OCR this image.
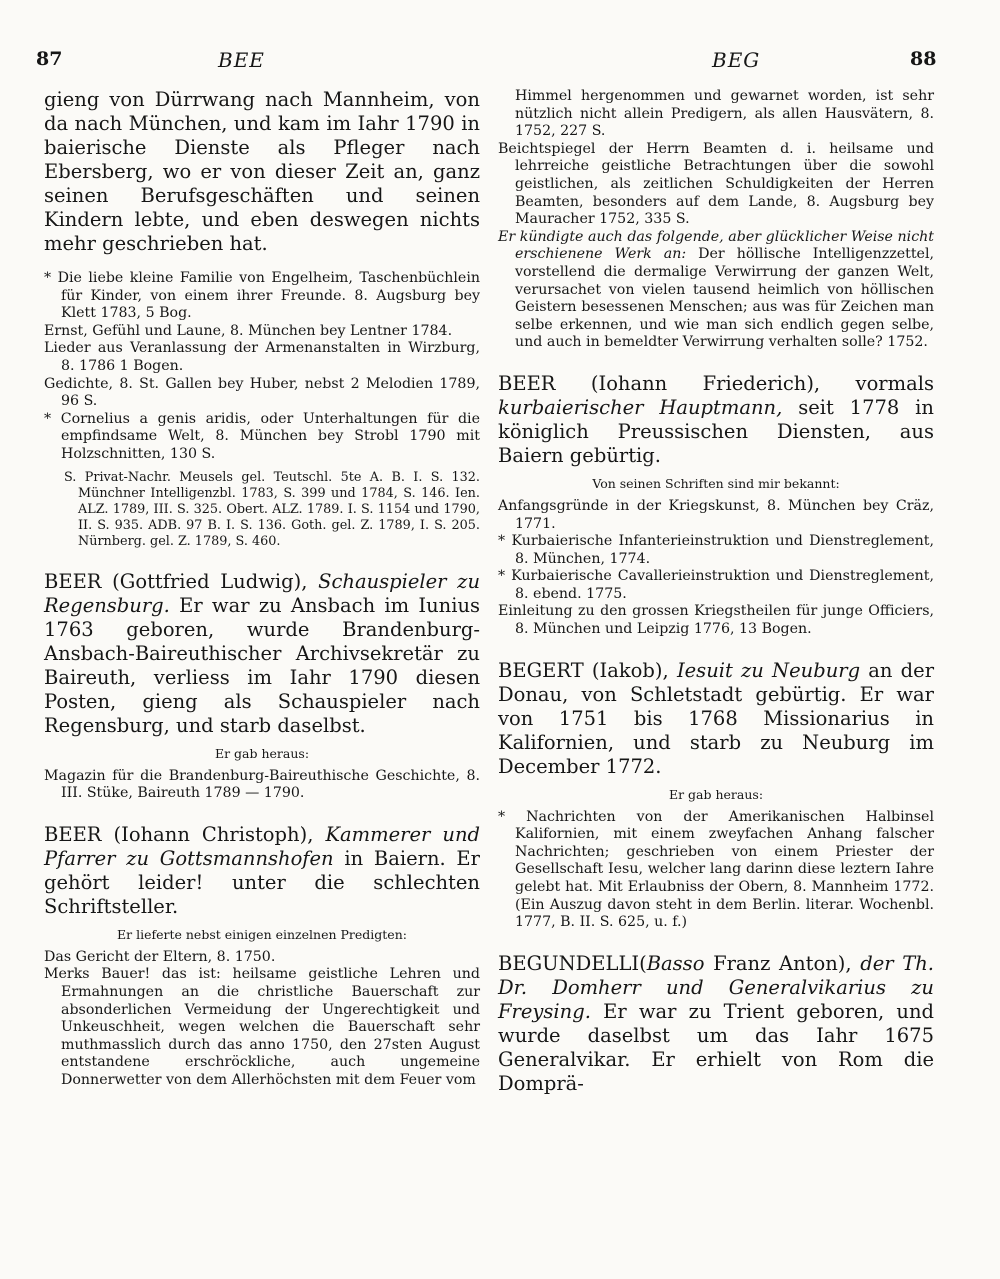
87	BEE	BEG	88

gieng von Dürrwang nach Mannheim, von da nach München, und kam im Iahr 1790 in baierische Dienste als Pfleger nach Ebersberg, wo er von dieser Zeit an, ganz seinen Berufsgeschäften und seinen Kindern lebte, und eben deswegen nichts mehr geschrieben hat.

* Die liebe kleine Familie von Engelheim, Taschenbüchlein für Kinder, von einem ihrer Freunde. 8. Augsburg bey Klett 1783, 5 Bog.

Ernst, Gefühl und Laune, 8. München bey Lentner 1784.

Lieder aus Veranlassung der Armenanstalten in Wirzburg, 8. 1786 1 Bogen.

Gedichte, 8. St. Gallen bey Huber, nebst 2 Melodien 1789, 96 S.

* Cornelius a genis aridis, oder Unterhaltungen für die empfindsame Welt, 8. München bey Strobl 1790 mit Holzschnitten, 130 S.

S. Privat-Nachr. Meusels gel. Teutschl. 5te A. B. I. S. 132. Münchner Intelligenzbl. 1783, S. 399 und 1784, S. 146. Ien. ALZ. 1789, III. S. 325. Obert. ALZ. 1789. I. S. 1154 und 1790, II. S. 935. ADB. 97 B. I. S. 136. Goth. gel. Z. 1789, I. S. 205. Nürnberg. gel. Z. 1789, S. 460.

BEER (Gottfried Ludwig), Schauspieler zu Regensburg. Er war zu Ansbach im Iunius 1763 geboren, wurde Brandenburg-Ansbach-Baireuthischer Archivsekretär zu Baireuth, verliess im Iahr 1790 diesen Posten, gieng als Schauspieler nach Regensburg, und starb daselbst.

Er gab heraus:

Magazin für die Brandenburg-Baireuthische Geschichte, 8. III. Stüke, Baireuth 1789 — 1790.

BEER (Iohann Christoph), Kammerer und Pfarrer zu Gottsmannshofen in Baiern. Er gehört leider! unter die schlechten Schriftsteller.

Er lieferte nebst einigen einzelnen Predigten:

Das Gericht der Eltern, 8. 1750.

Merks Bauer! das ist: heilsame geistliche Lehren und Ermahnungen an die christliche Bauerschaft zur absonderlichen Vermeidung der Ungerechtigkeit und Unkeuschheit, wegen welchen die Bauerschaft sehr muthmasslich durch das anno 1750, den 27sten August entstandene erschröckliche, auch ungemeine Donnerwetter von dem Allerhöchsten mit dem Feuer vom

Himmel hergenommen und gewarnet worden, ist sehr nützlich nicht allein Predigern, als allen Hausvätern, 8. 1752, 227 S.

Beichtspiegel der Herrn Beamten d. i. heilsame und lehrreiche geistliche Betrachtungen über die sowohl geistlichen, als zeitlichen Schuldigkeiten der Herren Beamten, besonders auf dem Lande, 8. Augsburg bey Mauracher 1752, 335 S.

Er kündigte auch das folgende, aber glücklicher Weise nicht erschienene Werk an: Der höllische Intelligenzzettel, vorstellend die dermalige Verwirrung der ganzen Welt, verursachet von vielen tausend heimlich von höllischen Geistern besessenen Menschen; aus was für Zeichen man selbe erkennen, und wie man sich endlich gegen selbe, und auch in bemeldter Verwirrung verhalten solle? 1752.

BEER (Iohann Friederich), vormals kurbaierischer Hauptmann, seit 1778 in königlich Preussischen Diensten, aus Baiern gebürtig.

Von seinen Schriften sind mir bekannt:

Anfangsgründe in der Kriegskunst, 8. München bey Cräz, 1771.

* Kurbaierische Infanterieinstruktion und Dienstreglement, 8. München, 1774.

* Kurbaierische Cavallerieinstruktion und Dienstreglement, 8. ebend. 1775.

Einleitung zu den grossen Kriegstheilen für junge Officiers, 8. München und Leipzig 1776, 13 Bogen.

BEGERT (Iakob), Iesuit zu Neuburg an der Donau, von Schletstadt gebürtig. Er war von 1751 bis 1768 Missionarius in Kalifornien, und starb zu Neuburg im December 1772.

Er gab heraus:

* Nachrichten von der Amerikanischen Halbinsel Kalifornien, mit einem zweyfachen Anhang falscher Nachrichten; geschrieben von einem Priester der Gesellschaft Iesu, welcher lang darinn diese leztern Iahre gelebt hat. Mit Erlaubniss der Obern, 8. Mannheim 1772. (Ein Auszug davon steht in dem Berlin. literar. Wochenbl. 1777, B. II. S. 625, u. f.)

BEGUNDELLI(Basso Franz Anton), der Th. Dr. Domherr und Generalvikarius zu Freysing. Er war zu Trient geboren, und wurde daselbst um das Iahr 1675 Generalvikar. Er erhielt von Rom die Domprä-
